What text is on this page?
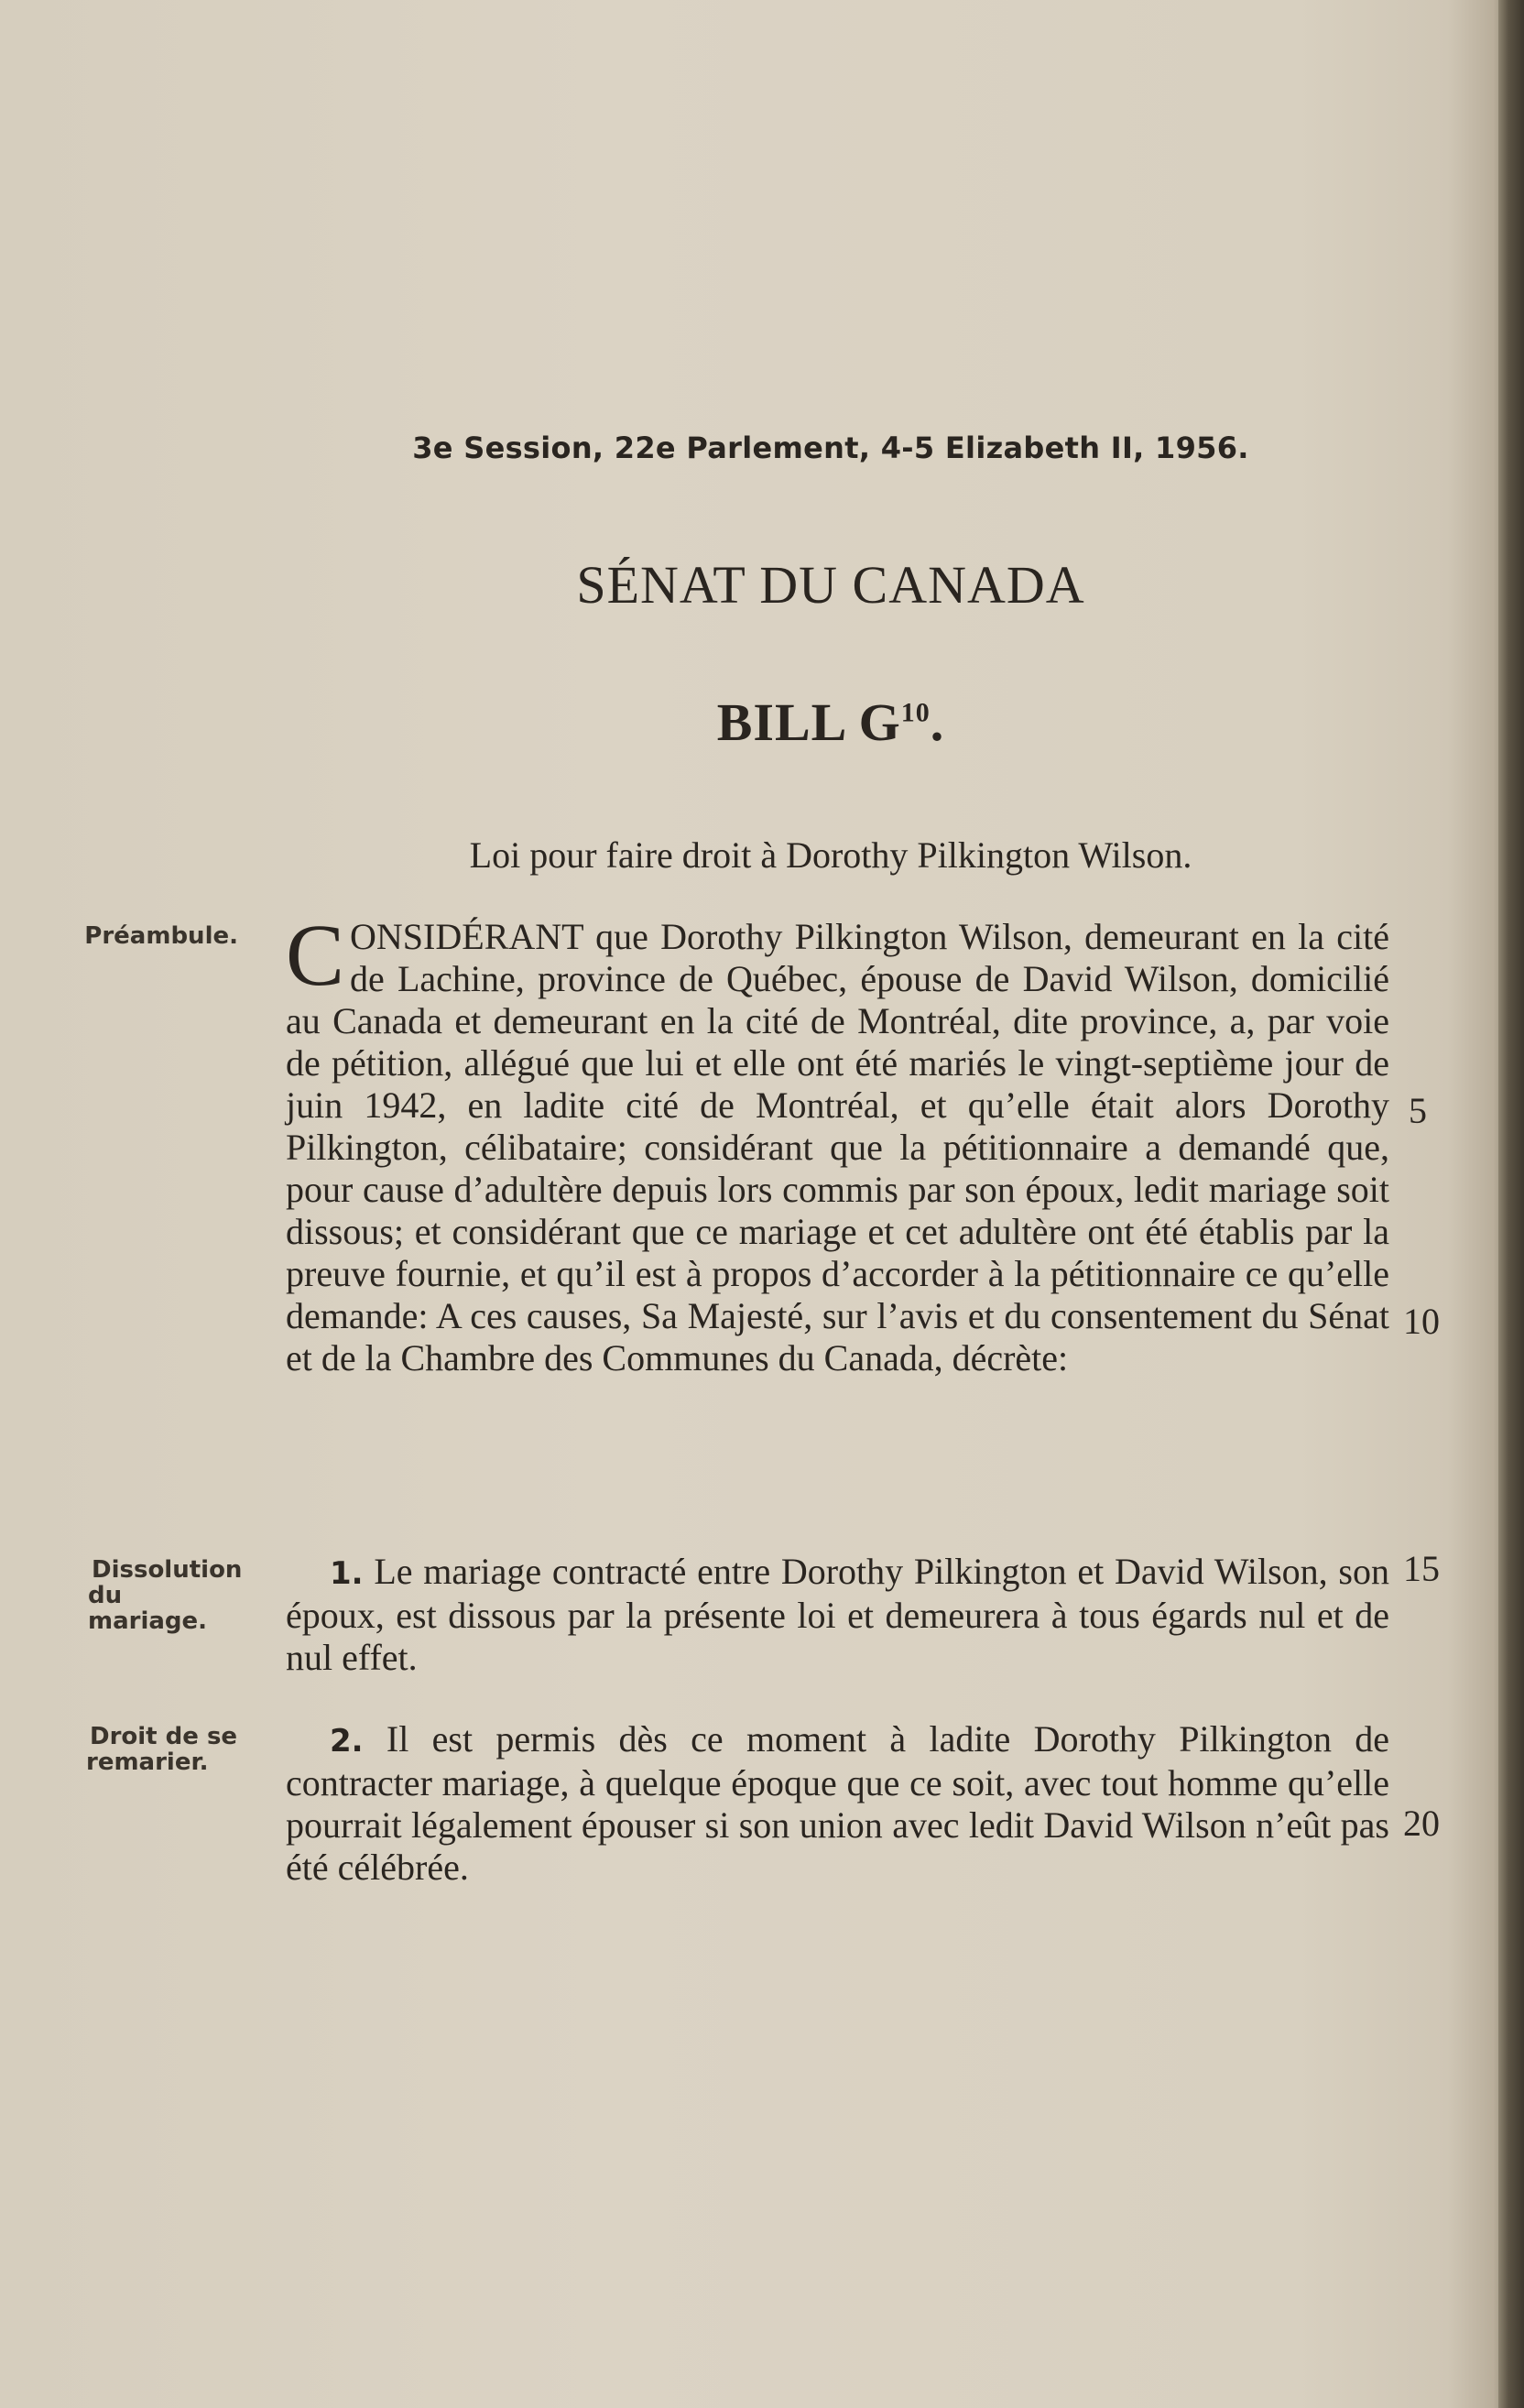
3e Session, 22e Parlement, 4-5 Elizabeth II, 1956.
SÉNAT DU CANADA
BILL $G^{10}$.
Loi pour faire droit à Dorothy Pilkington Wilson.
Préambule.
Dissolution
du mariage.
Droit de se
remarier.

CONSIDÉRANT que Dorothy Pilkington Wilson, demeurant en la cité de Lachine, province de Québec, épouse de David Wilson, domicilié au Canada et demeurant en la cité de Montréal, dite province, a, par voie de pétition, allégué que lui et elle ont été mariés le vingt-septième jour de juin 1942, en ladite cité de Montréal, et qu’elle était alors Dorothy Pilkington, célibataire; considérant que la pétitionnaire a demandé que, pour cause d’adultère depuis lors commis par son époux, ledit mariage soit dissous; et considérant que ce mariage et cet adultère ont été établis par la preuve fournie, et qu’il est à propos d’accorder à la pétitionnaire ce qu’elle demande: A ces causes, Sa Majesté, sur l’avis et du consentement du Sénat et de la Chambre des Communes du Canada, décrète:

1. Le mariage contracté entre Dorothy Pilkington et David Wilson, son époux, est dissous par la présente loi et demeurera à tous égards nul et de nul effet.

2. Il est permis dès ce moment à ladite Dorothy Pilkington de contracter mariage, à quelque époque que ce soit, avec tout homme qu’elle pourrait légalement épouser si son union avec ledit David Wilson n’eût pas été célébrée.

5
10
15
20
